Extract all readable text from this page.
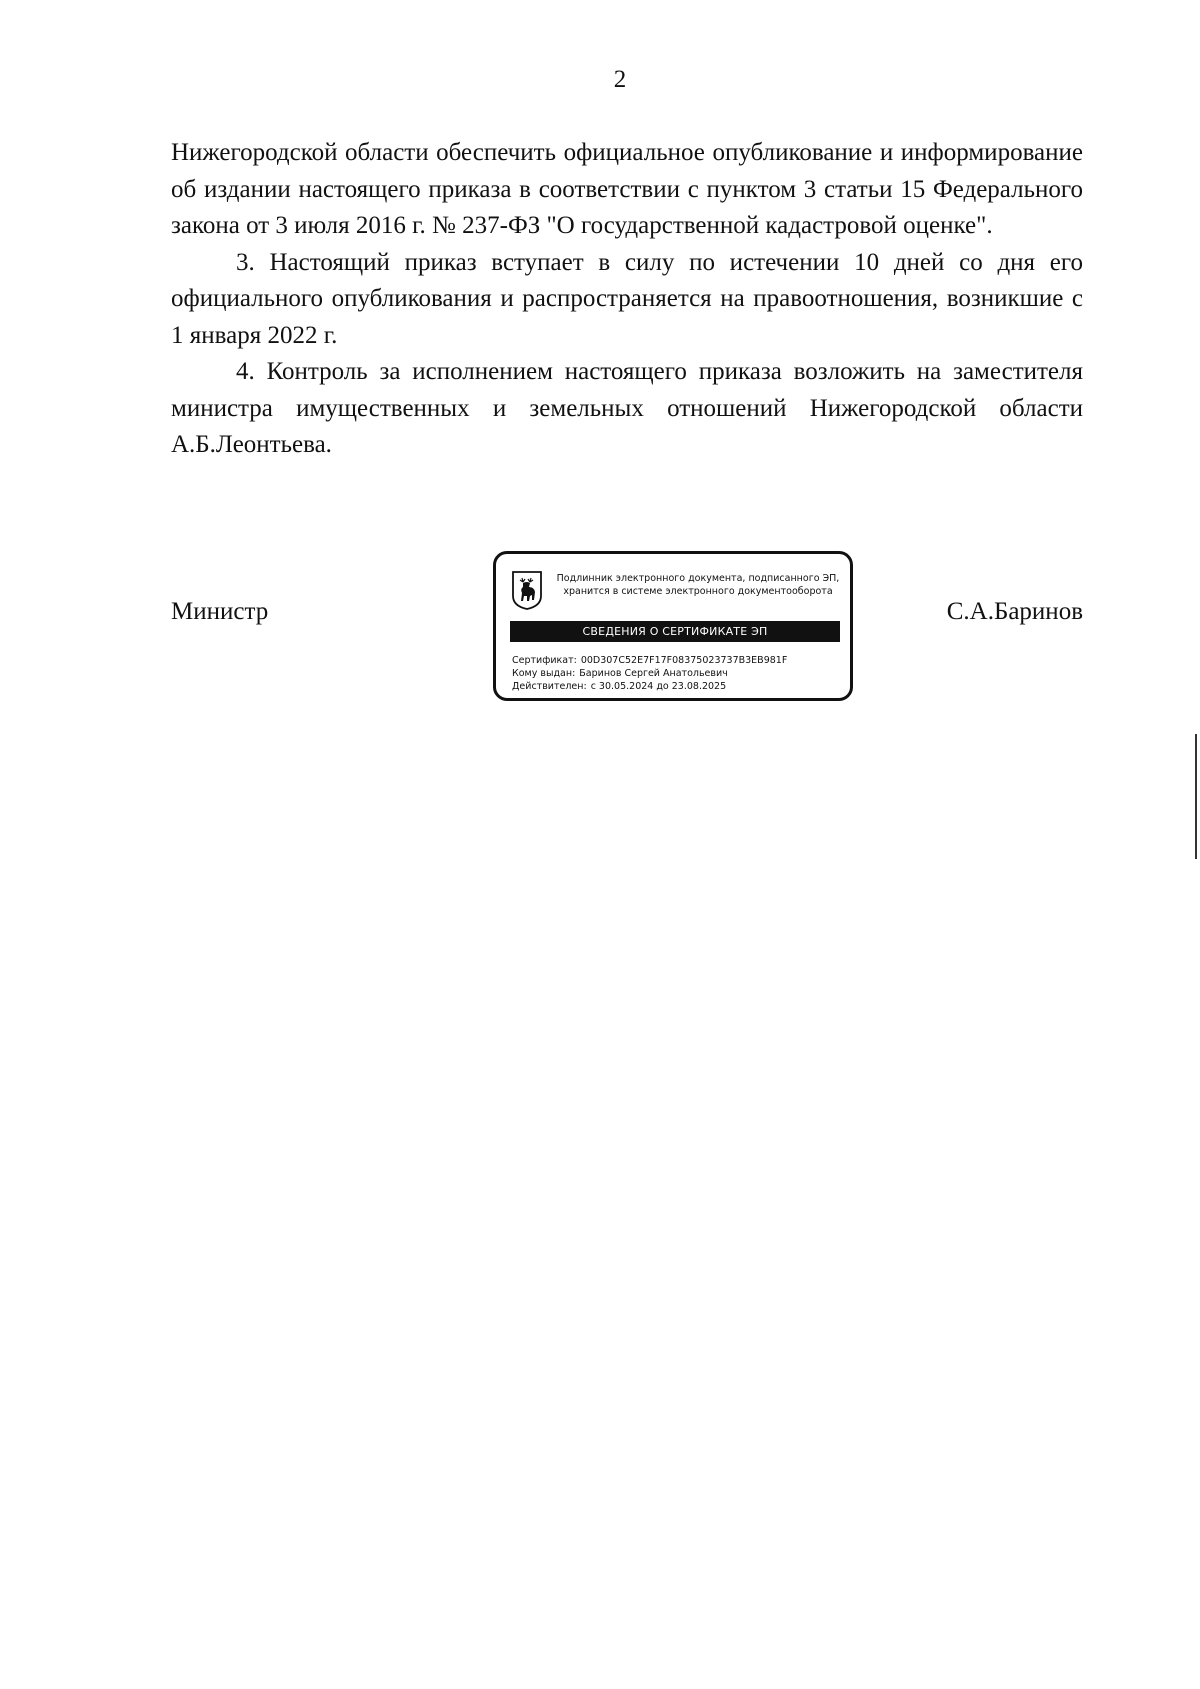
2

Нижегородской области обеспечить официальное опубликование и информирование об издании настоящего приказа в соответствии с пунктом 3 статьи 15 Федерального закона от 3 июля 2016 г. № 237-ФЗ "О государственной кадастровой оценке".

3. Настоящий приказ вступает в силу по истечении 10 дней со дня его официального опубликования и распространяется на правоотношения, возникшие с 1 января 2022 г.

4. Контроль за исполнением настоящего приказа возложить на заместителя министра имущественных и земельных отношений Нижегородской области А.Б.Леонтьева.

Министр	С.А.Баринов
Подлинник электронного документа, подписанного ЭП,
хранится в системе электронного документооборота
СВЕДЕНИЯ О СЕРТИФИКАТЕ ЭП
Сертификат: 00D307C52E7F17F08375023737B3EB981F
Кому выдан: Баринов Сергей Анатольевич
Действителен: с 30.05.2024 до 23.08.2025
